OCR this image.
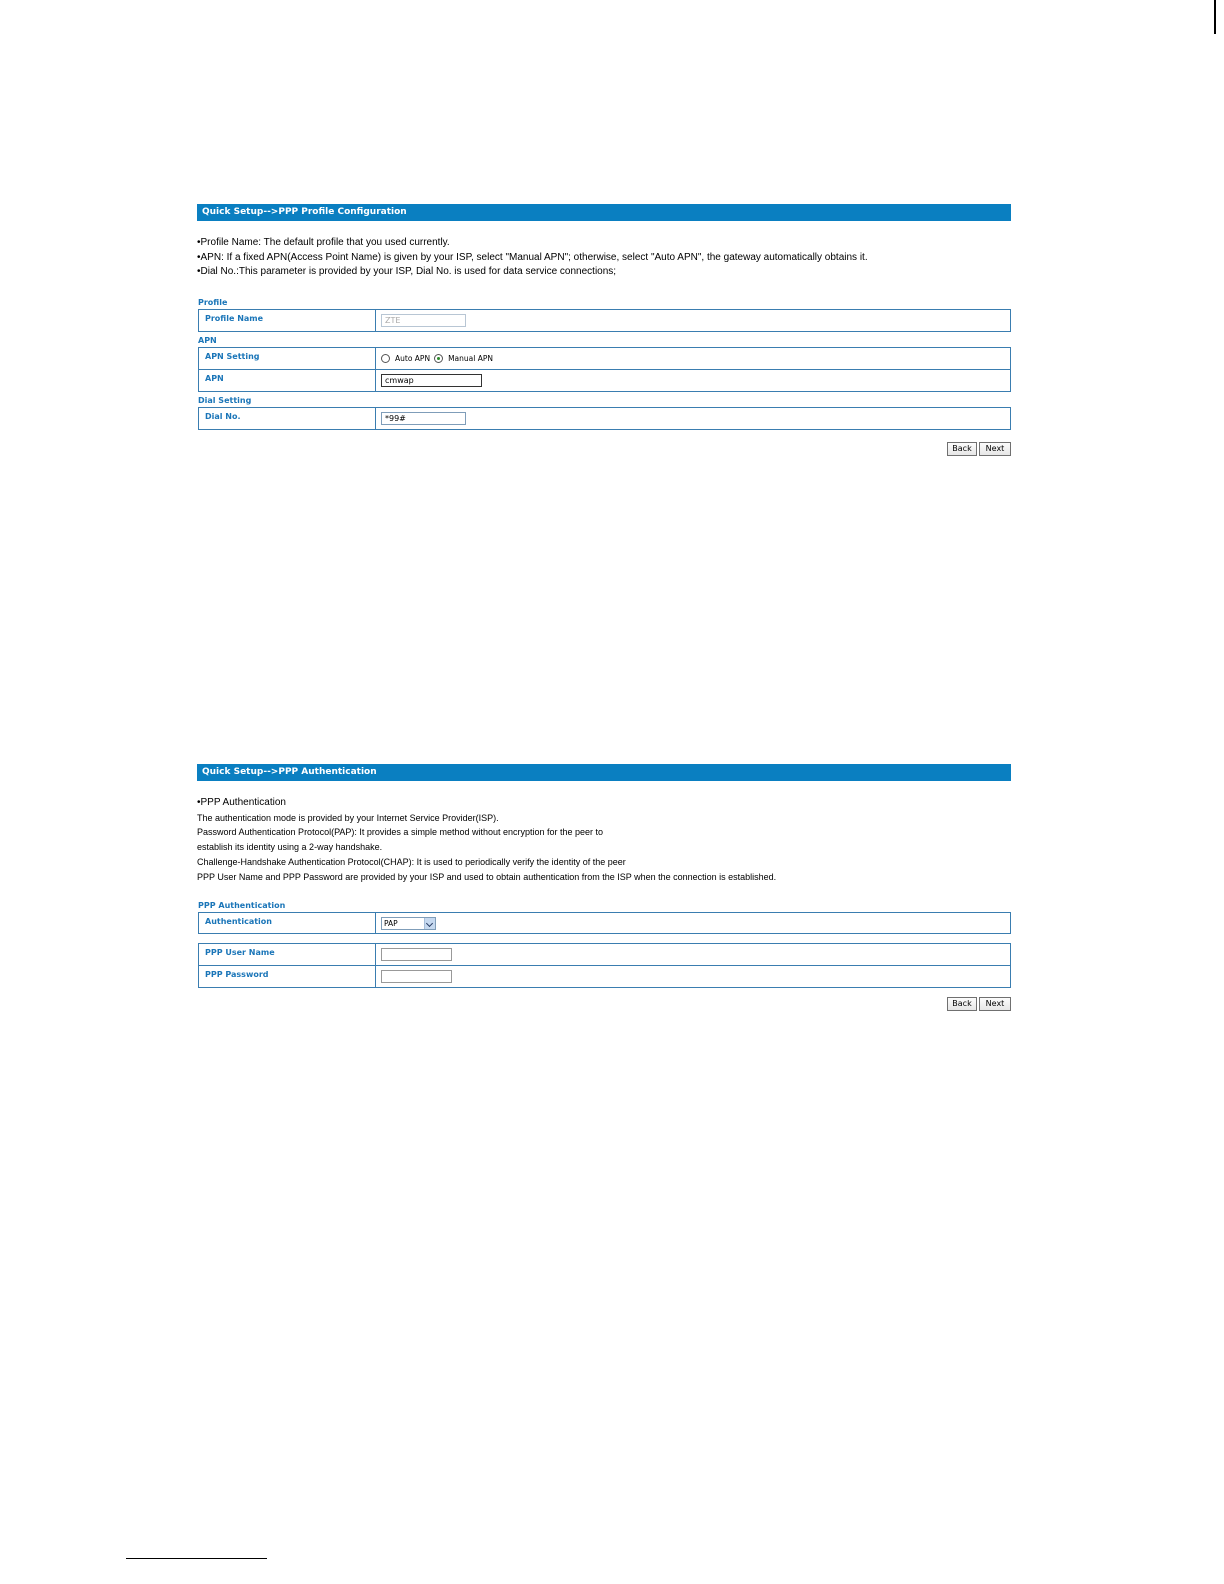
Quick Setup-->PPP Profile Configuration
•Profile Name: The default profile that you used currently.
•APN: If a fixed APN(Access Point Name) is given by your ISP, select "Manual APN"; otherwise, select "Auto APN", the gateway automatically obtains it.
•Dial No.:This parameter is provided by your ISP, Dial No. is used for data service connections;
Profile
Profile Name	ZTE
APN
APN Setting	Auto APN Manual APN

APN	cmwap
Dial Setting
Dial No.	*99#
Back	Next
Quick Setup-->PPP Authentication
•PPP Authentication
The authentication mode is provided by your Internet Service Provider(ISP).
Password Authentication Protocol(PAP): It provides a simple method without encryption for the peer to
establish its identity using a 2-way handshake.
Challenge-Handshake Authentication Protocol(CHAP): It is used to periodically verify the identity of the peer
PPP User Name and PPP Password are provided by your ISP and used to obtain authentication from the ISP when the connection is established.
PPP Authentication
Authentication	PAP
PPP User Name	

PPP Password	
Back	Next
